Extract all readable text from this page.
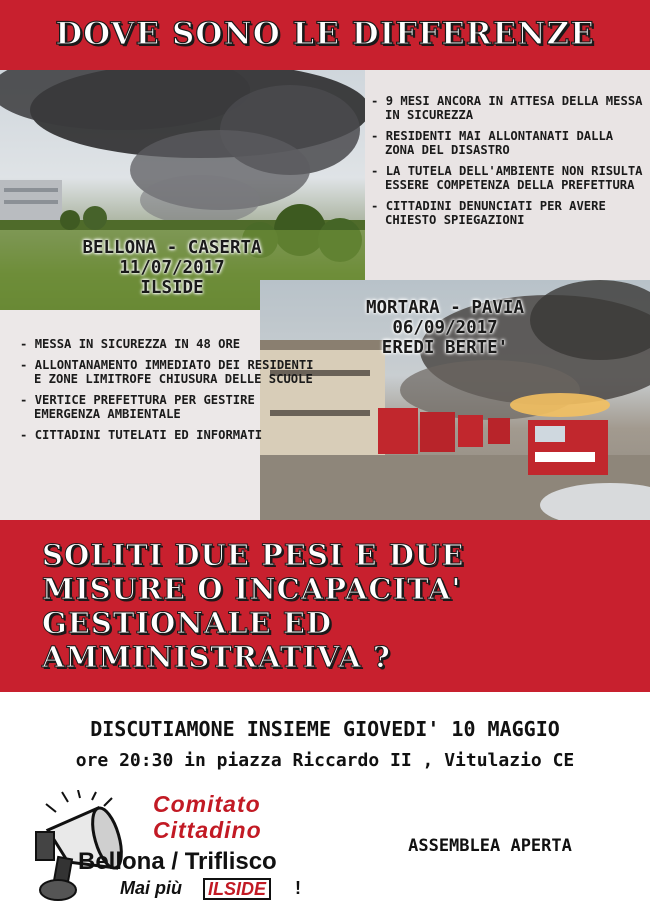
DOVE SONO LE DIFFERENZE
- 9 MESI ANCORA IN ATTESA DELLA MESSA IN SICUREZZA
- RESIDENTI MAI ALLONTANATI DALLA ZONA DEL DISASTRO
- LA TUTELA DELL'AMBIENTE NON RISULTA ESSERE COMPETENZA DELLA PREFETTURA
- CITTADINI DENUNCIATI PER AVERE CHIESTO SPIEGAZIONI
BELLONA - CASERTA
11/07/2017
ILSIDE
- MESSA IN SICUREZZA IN 48 ORE
- ALLONTANAMENTO IMMEDIATO DEI RESIDENTI E ZONE LIMITROFE CHIUSURA DELLE SCUOLE
- VERTICE PREFETTURA PER GESTIRE EMERGENZA AMBIENTALE
- CITTADINI TUTELATI ED INFORMATI
MORTARA - PAVIA
06/09/2017
EREDI BERTE'
SOLITI DUE PESI E DUE
MISURE O INCAPACITA'
GESTIONALE ED
AMMINISTRATIVA ?
DISCUTIAMONE INSIEME GIOVEDI' 10 MAGGIO
ore 20:30 in piazza Riccardo II , Vitulazio CE
Comitato
Cittadino
Bellona / Triflisco
Mai più ILSIDE !
ASSEMBLEA APERTA
